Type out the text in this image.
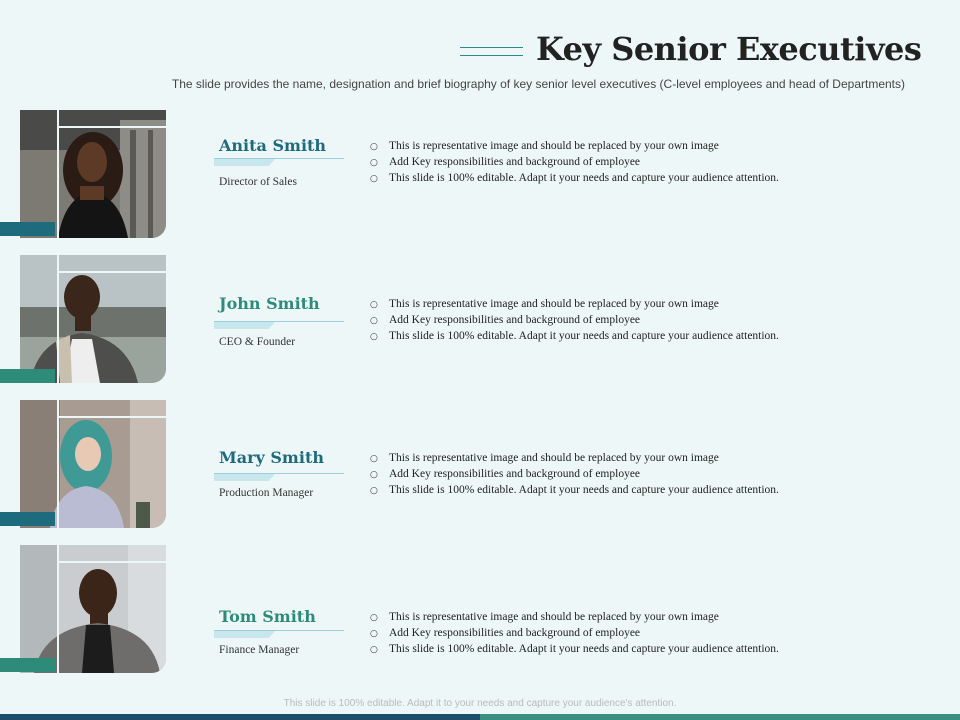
Key Senior Executives

The slide provides the name, designation and brief biography of key senior level executives (C-level employees and head of Departments)

Anita Smith

Director of Sales

○ This is representative image and should be replaced by your own image
○ Add Key responsibilities and background of employee
○ This slide is 100% editable. Adapt it your needs and capture your audience attention.
John Smith

CEO & Founder

○ This is representative image and should be replaced by your own image
○ Add Key responsibilities and background of employee
○ This slide is 100% editable. Adapt it your needs and capture your audience attention.
Mary Smith

Production Manager

○ This is representative image and should be replaced by your own image
○ Add Key responsibilities and background of employee
○ This slide is 100% editable. Adapt it your needs and capture your audience attention.
Tom Smith

Finance Manager

○ This is representative image and should be replaced by your own image
○ Add Key responsibilities and background of employee
○ This slide is 100% editable. Adapt it your needs and capture your audience attention.

This slide is 100% editable. Adapt it to your needs and capture your audience's attention.
